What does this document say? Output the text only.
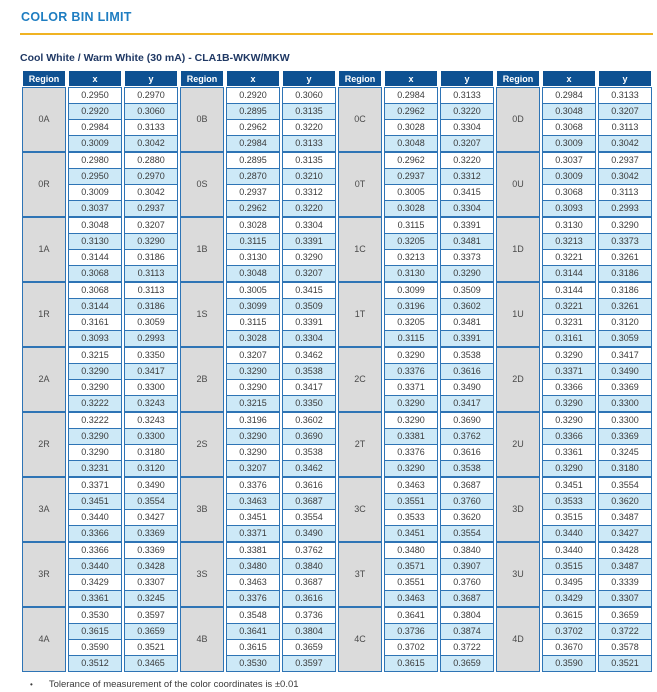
COLOR BIN LIMIT
Cool White / Warm White (30 mA) - CLA1B-WKW/MKW
Region	x	y	Region	x	y	Region	x	y	Region	x	y
0A	0.2950	0.2970	0B	0.2920	0.3060	0C	0.2984	0.3133	0D	0.2984	0.3133
	0.2920	0.3060		0.2895	0.3135		0.2962	0.3220		0.3048	0.3207
	0.2984	0.3133		0.2962	0.3220		0.3028	0.3304		0.3068	0.3113
	0.3009	0.3042		0.2984	0.3133		0.3048	0.3207		0.3009	0.3042
0R	0.2980	0.2880	0S	0.2895	0.3135	0T	0.2962	0.3220	0U	0.3037	0.2937
	0.2950	0.2970		0.2870	0.3210		0.2937	0.3312		0.3009	0.3042
	0.3009	0.3042		0.2937	0.3312		0.3005	0.3415		0.3068	0.3113
	0.3037	0.2937		0.2962	0.3220		0.3028	0.3304		0.3093	0.2993
1A	0.3048	0.3207	1B	0.3028	0.3304	1C	0.3115	0.3391	1D	0.3130	0.3290
	0.3130	0.3290		0.3115	0.3391		0.3205	0.3481		0.3213	0.3373
	0.3144	0.3186		0.3130	0.3290		0.3213	0.3373		0.3221	0.3261
	0.3068	0.3113		0.3048	0.3207		0.3130	0.3290		0.3144	0.3186
1R	0.3068	0.3113	1S	0.3005	0.3415	1T	0.3099	0.3509	1U	0.3144	0.3186
	0.3144	0.3186		0.3099	0.3509		0.3196	0.3602		0.3221	0.3261
	0.3161	0.3059		0.3115	0.3391		0.3205	0.3481		0.3231	0.3120
	0.3093	0.2993		0.3028	0.3304		0.3115	0.3391		0.3161	0.3059
2A	0.3215	0.3350	2B	0.3207	0.3462	2C	0.3290	0.3538	2D	0.3290	0.3417
	0.3290	0.3417		0.3290	0.3538		0.3376	0.3616		0.3371	0.3490
	0.3290	0.3300		0.3290	0.3417		0.3371	0.3490		0.3366	0.3369
	0.3222	0.3243		0.3215	0.3350		0.3290	0.3417		0.3290	0.3300
2R	0.3222	0.3243	2S	0.3196	0.3602	2T	0.3290	0.3690	2U	0.3290	0.3300
	0.3290	0.3300		0.3290	0.3690		0.3381	0.3762		0.3366	0.3369
	0.3290	0.3180		0.3290	0.3538		0.3376	0.3616		0.3361	0.3245
	0.3231	0.3120		0.3207	0.3462		0.3290	0.3538		0.3290	0.3180
3A	0.3371	0.3490	3B	0.3376	0.3616	3C	0.3463	0.3687	3D	0.3451	0.3554
	0.3451	0.3554		0.3463	0.3687		0.3551	0.3760		0.3533	0.3620
	0.3440	0.3427		0.3451	0.3554		0.3533	0.3620		0.3515	0.3487
	0.3366	0.3369		0.3371	0.3490		0.3451	0.3554		0.3440	0.3427
3R	0.3366	0.3369	3S	0.3381	0.3762	3T	0.3480	0.3840	3U	0.3440	0.3428
	0.3440	0.3428		0.3480	0.3840		0.3571	0.3907		0.3515	0.3487
	0.3429	0.3307		0.3463	0.3687		0.3551	0.3760		0.3495	0.3339
	0.3361	0.3245		0.3376	0.3616		0.3463	0.3687		0.3429	0.3307
4A	0.3530	0.3597	4B	0.3548	0.3736	4C	0.3641	0.3804	4D	0.3615	0.3659
	0.3615	0.3659		0.3641	0.3804		0.3736	0.3874		0.3702	0.3722
	0.3590	0.3521		0.3615	0.3659		0.3702	0.3722		0.3670	0.3578
	0.3512	0.3465		0.3530	0.3597		0.3615	0.3659		0.3590	0.3521
• Tolerance of measurement of the color coordinates is ±0.01
